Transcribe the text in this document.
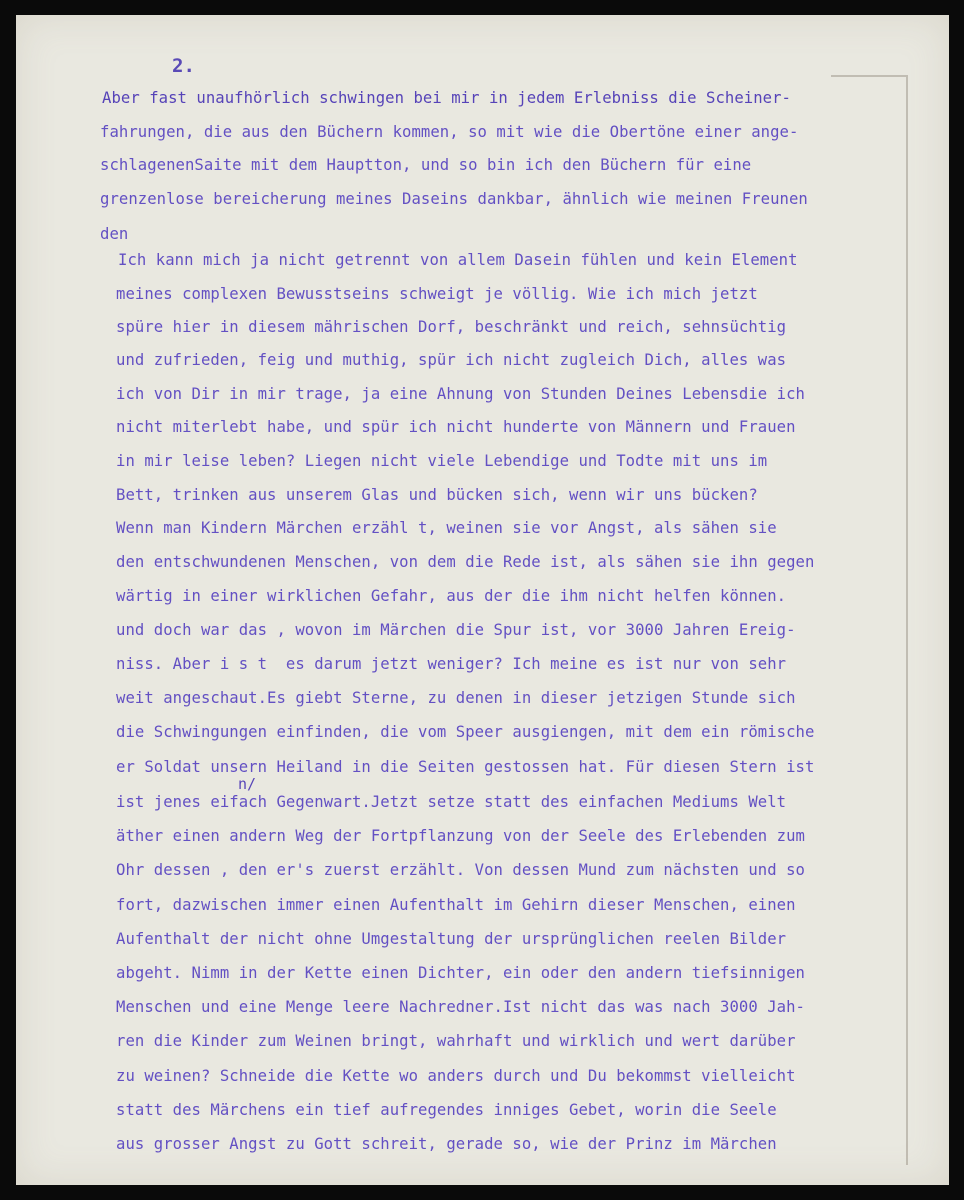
2.
Aber fast unaufhörlich schwingen bei mir in jedem Erlebniss die Scheiner-
fahrungen, die aus den Büchern kommen, so mit wie die Obertöne einer ange-
schlagenenSaite mit dem Hauptton, und so bin ich den Büchern für eine
grenzenlose bereicherung meines Daseins dankbar, ähnlich wie meinen Freunen
den
Ich kann mich ja nicht getrennt von allem Dasein fühlen und kein Element
meines complexen Bewusstseins schweigt je völlig. Wie ich mich jetzt
spüre hier in diesem mährischen Dorf, beschränkt und reich, sehnsüchtig
und zufrieden, feig und muthig, spür ich nicht zugleich Dich, alles was
ich von Dir in mir trage, ja eine Ahnung von Stunden Deines Lebensdie ich
nicht miterlebt habe, und spür ich nicht hunderte von Männern und Frauen
in mir leise leben? Liegen nicht viele Lebendige und Todte mit uns im
Bett, trinken aus unserem Glas und bücken sich, wenn wir uns bücken?
Wenn man Kindern Märchen erzähl t, weinen sie vor Angst, als sähen sie
den entschwundenen Menschen, von dem die Rede ist, als sähen sie ihn gegen
wärtig in einer wirklichen Gefahr, aus der die ihm nicht helfen können.
und doch war das , wovon im Märchen die Spur ist, vor 3000 Jahren Ereig-
niss. Aber i s t  es darum jetzt weniger? Ich meine es ist nur von sehr
weit angeschaut.Es giebt Sterne, zu denen in dieser jetzigen Stunde sich
die Schwingungen einfinden, die vom Speer ausgiengen, mit dem ein römische
er Soldat unsern Heiland in die Seiten gestossen hat. Für diesen Stern ist
n/
ist jenes eifach Gegenwart.Jetzt setze statt des einfachen Mediums Welt
äther einen andern Weg der Fortpflanzung von der Seele des Erlebenden zum
Ohr dessen , den er's zuerst erzählt. Von dessen Mund zum nächsten und so
fort, dazwischen immer einen Aufenthalt im Gehirn dieser Menschen, einen
Aufenthalt der nicht ohne Umgestaltung der ursprünglichen reelen Bilder
abgeht. Nimm in der Kette einen Dichter, ein oder den andern tiefsinnigen
Menschen und eine Menge leere Nachredner.Ist nicht das was nach 3000 Jah-
ren die Kinder zum Weinen bringt, wahrhaft und wirklich und wert darüber
zu weinen? Schneide die Kette wo anders durch und Du bekommst vielleicht
statt des Märchens ein tief aufregendes inniges Gebet, worin die Seele
aus grosser Angst zu Gott schreit, gerade so, wie der Prinz im Märchen
